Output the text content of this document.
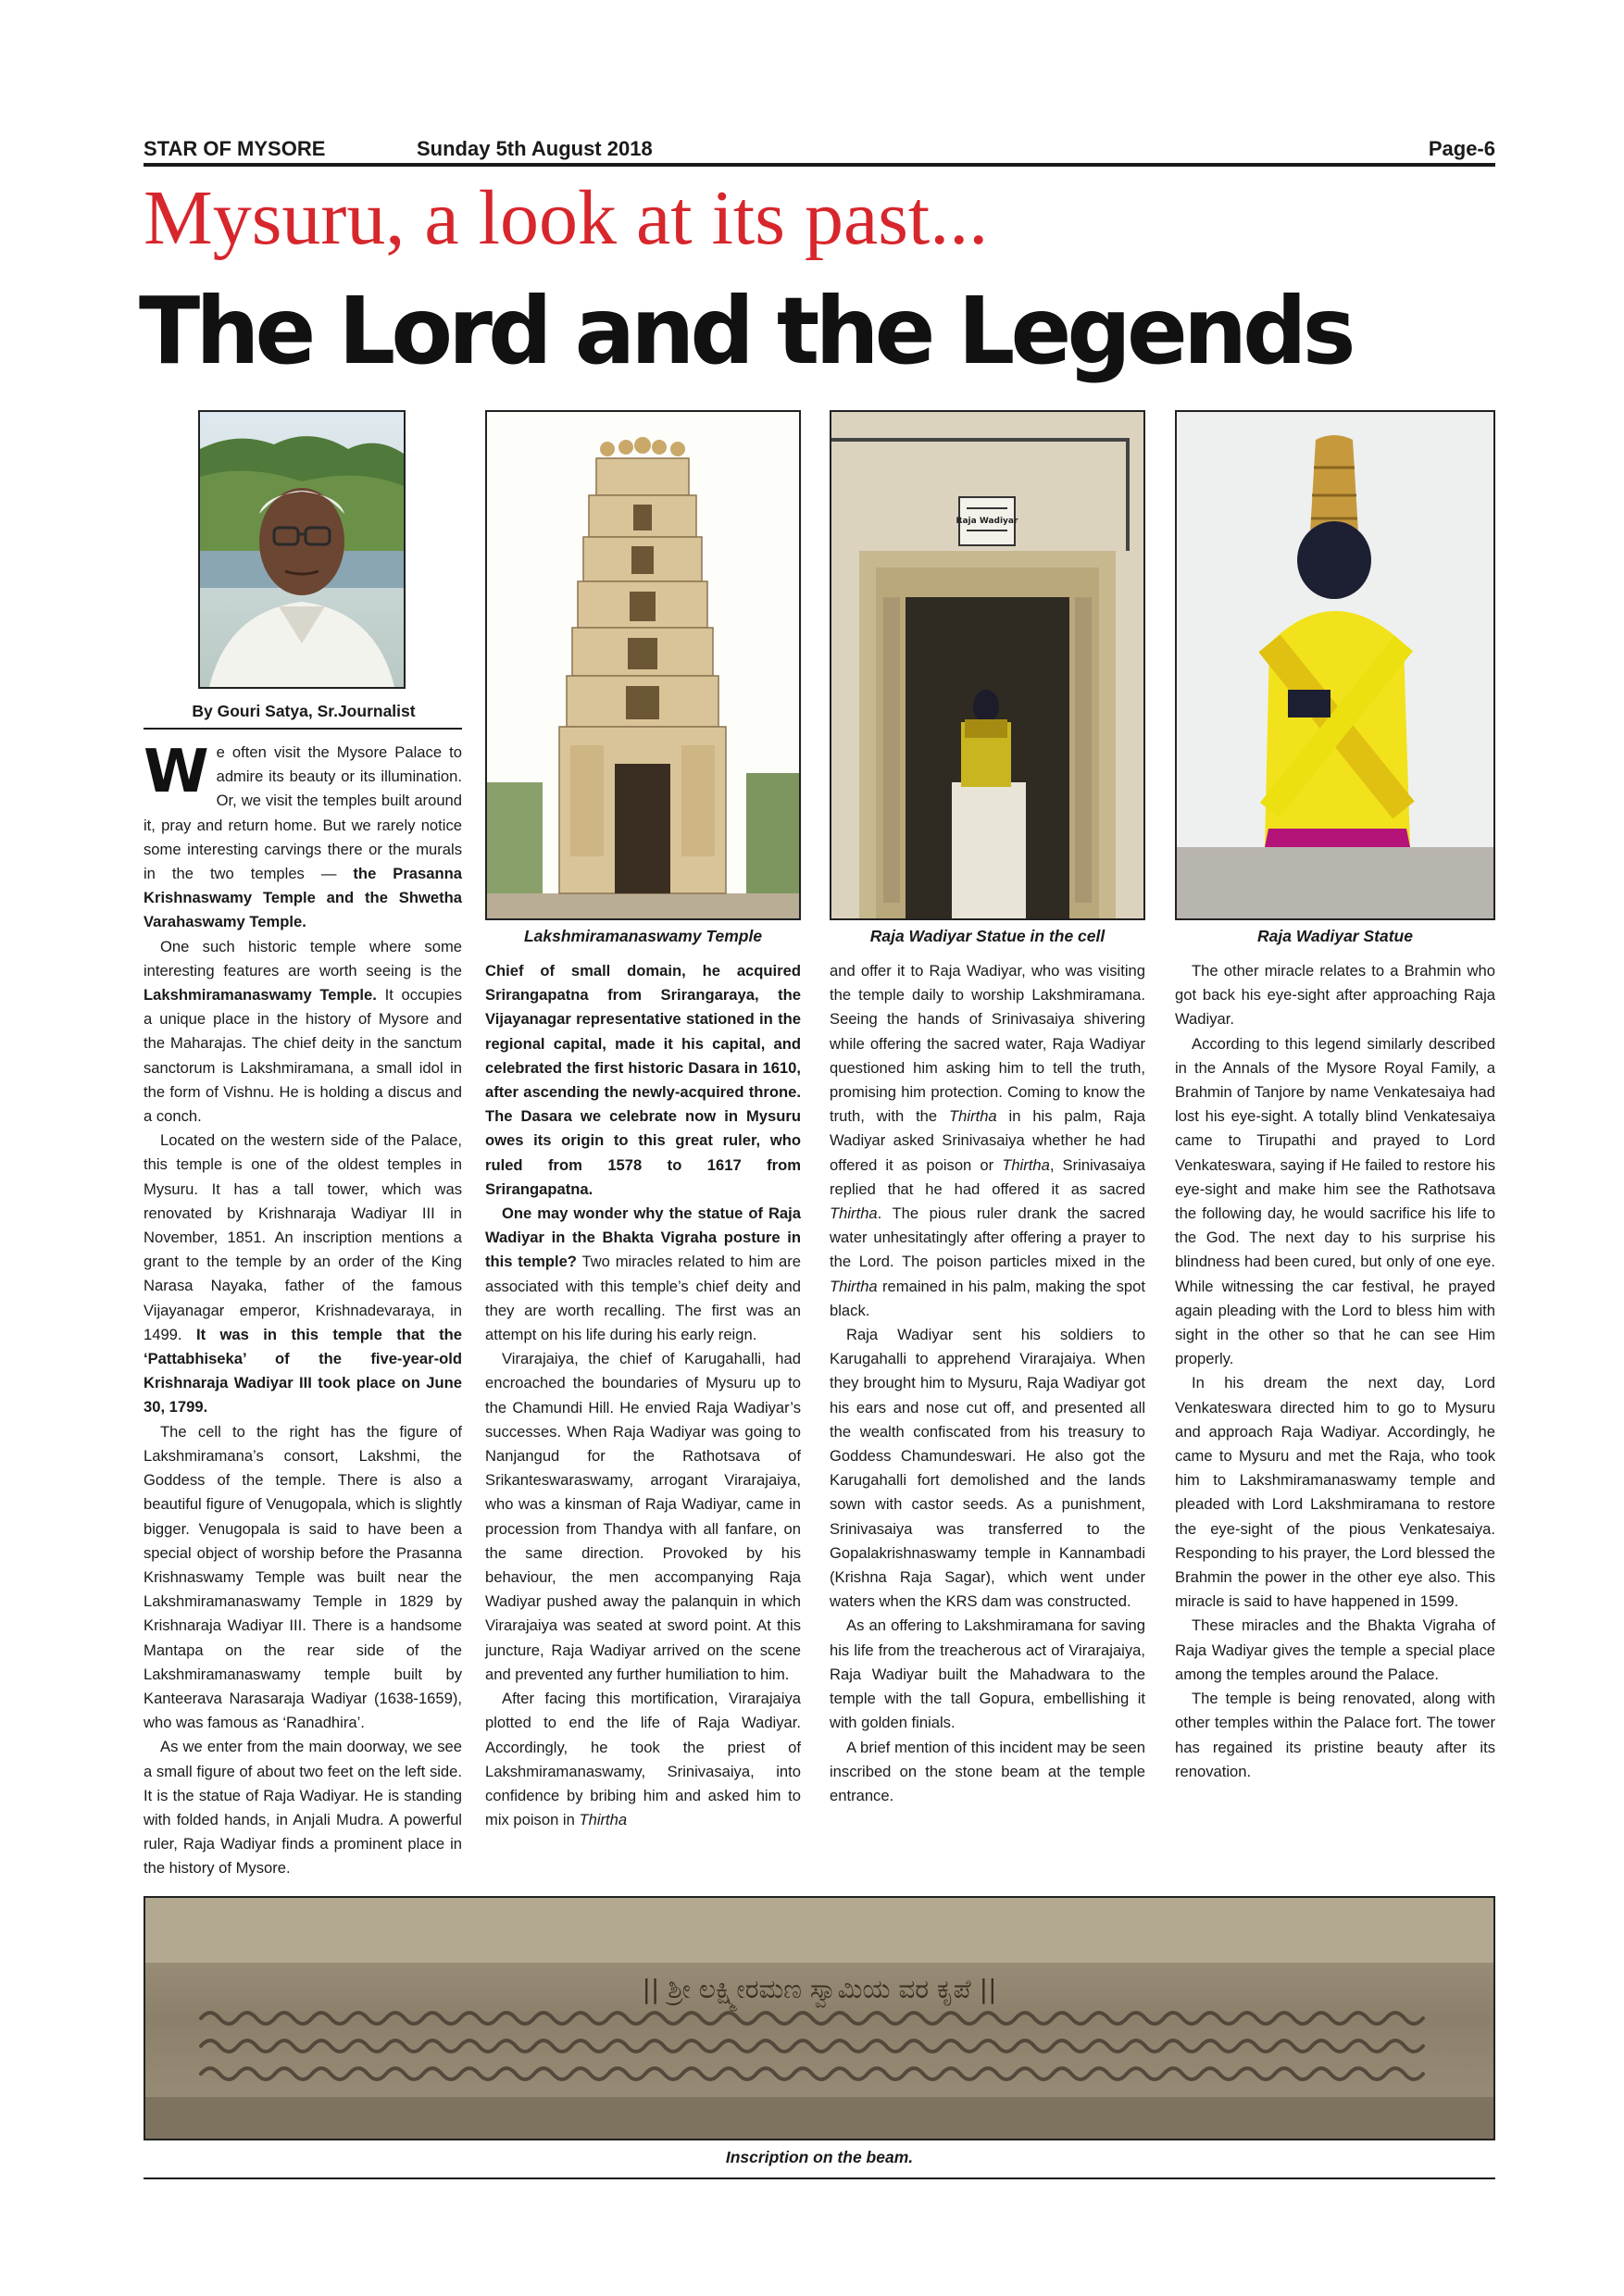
STAR OF MYSORE	Sunday 5th August 2018	Page-6
Mysuru, a look at its past...
The Lord and the Legends
By Gouri Satya, Sr.Journalist
Lakshmiramanaswamy Temple
Raja Wadiyar
Raja Wadiyar Statue in the cell	Raja Wadiyar Statue

We often visit the Mysore Palace to admire its beauty or its illumination. Or, we visit the temples built around it, pray and return home. But we rarely notice some interesting carvings there or the murals in the two temples — the Prasanna Krishnaswamy Temple and the Shwetha Varahaswamy Temple.

One such historic temple where some interesting features are worth seeing is the Lakshmiramanaswamy Temple. It occupies a unique place in the history of Mysore and the Maharajas. The chief deity in the sanctum sanctorum is Lakshmiramana, a small idol in the form of Vishnu. He is holding a discus and a conch.

Located on the western side of the Palace, this temple is one of the oldest temples in Mysuru. It has a tall tower, which was renovated by Krishnaraja Wadiyar III in November, 1851. An inscription mentions a grant to the temple by an order of the King Narasa Nayaka, father of the famous Vijayanagar emperor, Krishnadevaraya, in 1499. It was in this temple that the ‘Pattabhiseka’ of the five-year-old Krishnaraja Wadiyar III took place on June 30, 1799.

The cell to the right has the figure of Lakshmiramana’s consort, Lakshmi, the Goddess of the temple. There is also a beautiful figure of Venugopala, which is slightly bigger. Venugopala is said to have been a special object of worship before the Prasanna Krishnaswamy Temple was built near the Lakshmiramanaswamy Temple in 1829 by Krishnaraja Wadiyar III. There is a handsome Mantapa on the rear side of the Lakshmiramanaswamy temple built by Kanteerava Narasaraja Wadiyar (1638-1659), who was famous as ‘Ranadhira’.

As we enter from the main doorway, we see a small figure of about two feet on the left side. It is the statue of Raja Wadiyar. He is standing with folded hands, in Anjali Mudra. A powerful ruler, Raja Wadiyar finds a prominent place in the history of Mysore.

Chief of small domain, he acquired Srirangapatna from Srirangaraya, the Vijayanagar representative stationed in the regional capital, made it his capital, and celebrated the first historic Dasara in 1610, after ascending the newly-acquired throne. The Dasara we celebrate now in Mysuru owes its origin to this great ruler, who ruled from 1578 to 1617 from Srirangapatna.

One may wonder why the statue of Raja Wadiyar in the Bhakta Vigraha posture in this temple? Two miracles related to him are associated with this temple’s chief deity and they are worth recalling. The first was an attempt on his life during his early reign.

Virarajaiya, the chief of Karugahalli, had encroached the boundaries of Mysuru up to the Chamundi Hill. He envied Raja Wadiyar’s successes. When Raja Wadiyar was going to Nanjangud for the Rathotsava of Srikanteswaraswamy, arrogant Virarajaiya, who was a kinsman of Raja Wadiyar, came in procession from Thandya with all fanfare, on the same direction. Provoked by his behaviour, the men accompanying Raja Wadiyar pushed away the palanquin in which Virarajaiya was seated at sword point. At this juncture, Raja Wadiyar arrived on the scene and prevented any further humiliation to him.

After facing this mortification, Virarajaiya plotted to end the life of Raja Wadiyar. Accordingly, he took the priest of Lakshmiramanaswamy, Srinivasaiya, into confidence by bribing him and asked him to mix poison in Thirtha

and offer it to Raja Wadiyar, who was visiting the temple daily to worship Lakshmiramana. Seeing the hands of Srinivasaiya shivering while offering the sacred water, Raja Wadiyar questioned him asking him to tell the truth, promising him protection. Coming to know the truth, with the Thirtha in his palm, Raja Wadiyar asked Srinivasaiya whether he had offered it as poison or Thirtha, Srinivasaiya replied that he had offered it as sacred Thirtha. The pious ruler drank the sacred water unhesitatingly after offering a prayer to the Lord. The poison particles mixed in the Thirtha remained in his palm, making the spot black.

Raja Wadiyar sent his soldiers to Karugahalli to apprehend Virarajaiya. When they brought him to Mysuru, Raja Wadiyar got his ears and nose cut off, and presented all the wealth confiscated from his treasury to Goddess Chamundeswari. He also got the Karugahalli fort demolished and the lands sown with castor seeds. As a punishment, Srinivasaiya was transferred to the Gopalakrishnaswamy temple in Kannambadi (Krishna Raja Sagar), which went under waters when the KRS dam was constructed.

As an offering to Lakshmiramana for saving his life from the treacherous act of Virarajaiya, Raja Wadiyar built the Mahadwara to the temple with the tall Gopura, embellishing it with golden finials.

A brief mention of this incident may be seen inscribed on the stone beam at the temple entrance.

The other miracle relates to a Brahmin who got back his eye-sight after approaching Raja Wadiyar.

According to this legend similarly described in the Annals of the Mysore Royal Family, a Brahmin of Tanjore by name Venkatesaiya had lost his eye-sight. A totally blind Venkatesaiya came to Tirupathi and prayed to Lord Venkateswara, saying if He failed to restore his eye-sight and make him see the Rathotsava the following day, he would sacrifice his life to the God. The next day to his surprise his blindness had been cured, but only of one eye. While witnessing the car festival, he prayed again pleading with the Lord to bless him with sight in the other so that he can see Him properly.

In his dream the next day, Lord Venkateswara directed him to go to Mysuru and approach Raja Wadiyar. Accordingly, he came to Mysuru and met the Raja, who took him to Lakshmiramanaswamy temple and pleaded with Lord Lakshmiramana to restore the eye-sight of the pious Venkatesaiya. Responding to his prayer, the Lord blessed the Brahmin the power in the other eye also. This miracle is said to have happened in 1599.

These miracles and the Bhakta Vigraha of Raja Wadiyar gives the temple a special place among the temples around the Palace.

The temple is being renovated, along with other temples within the Palace fort. The tower has regained its pristine beauty after its renovation.

|| ಶ್ರೀ ಲಕ್ಷ್ಮೀರಮಣ ಸ್ವಾಮಿಯ ವರ ಕೃಪೆ ||
Inscription on the beam.
